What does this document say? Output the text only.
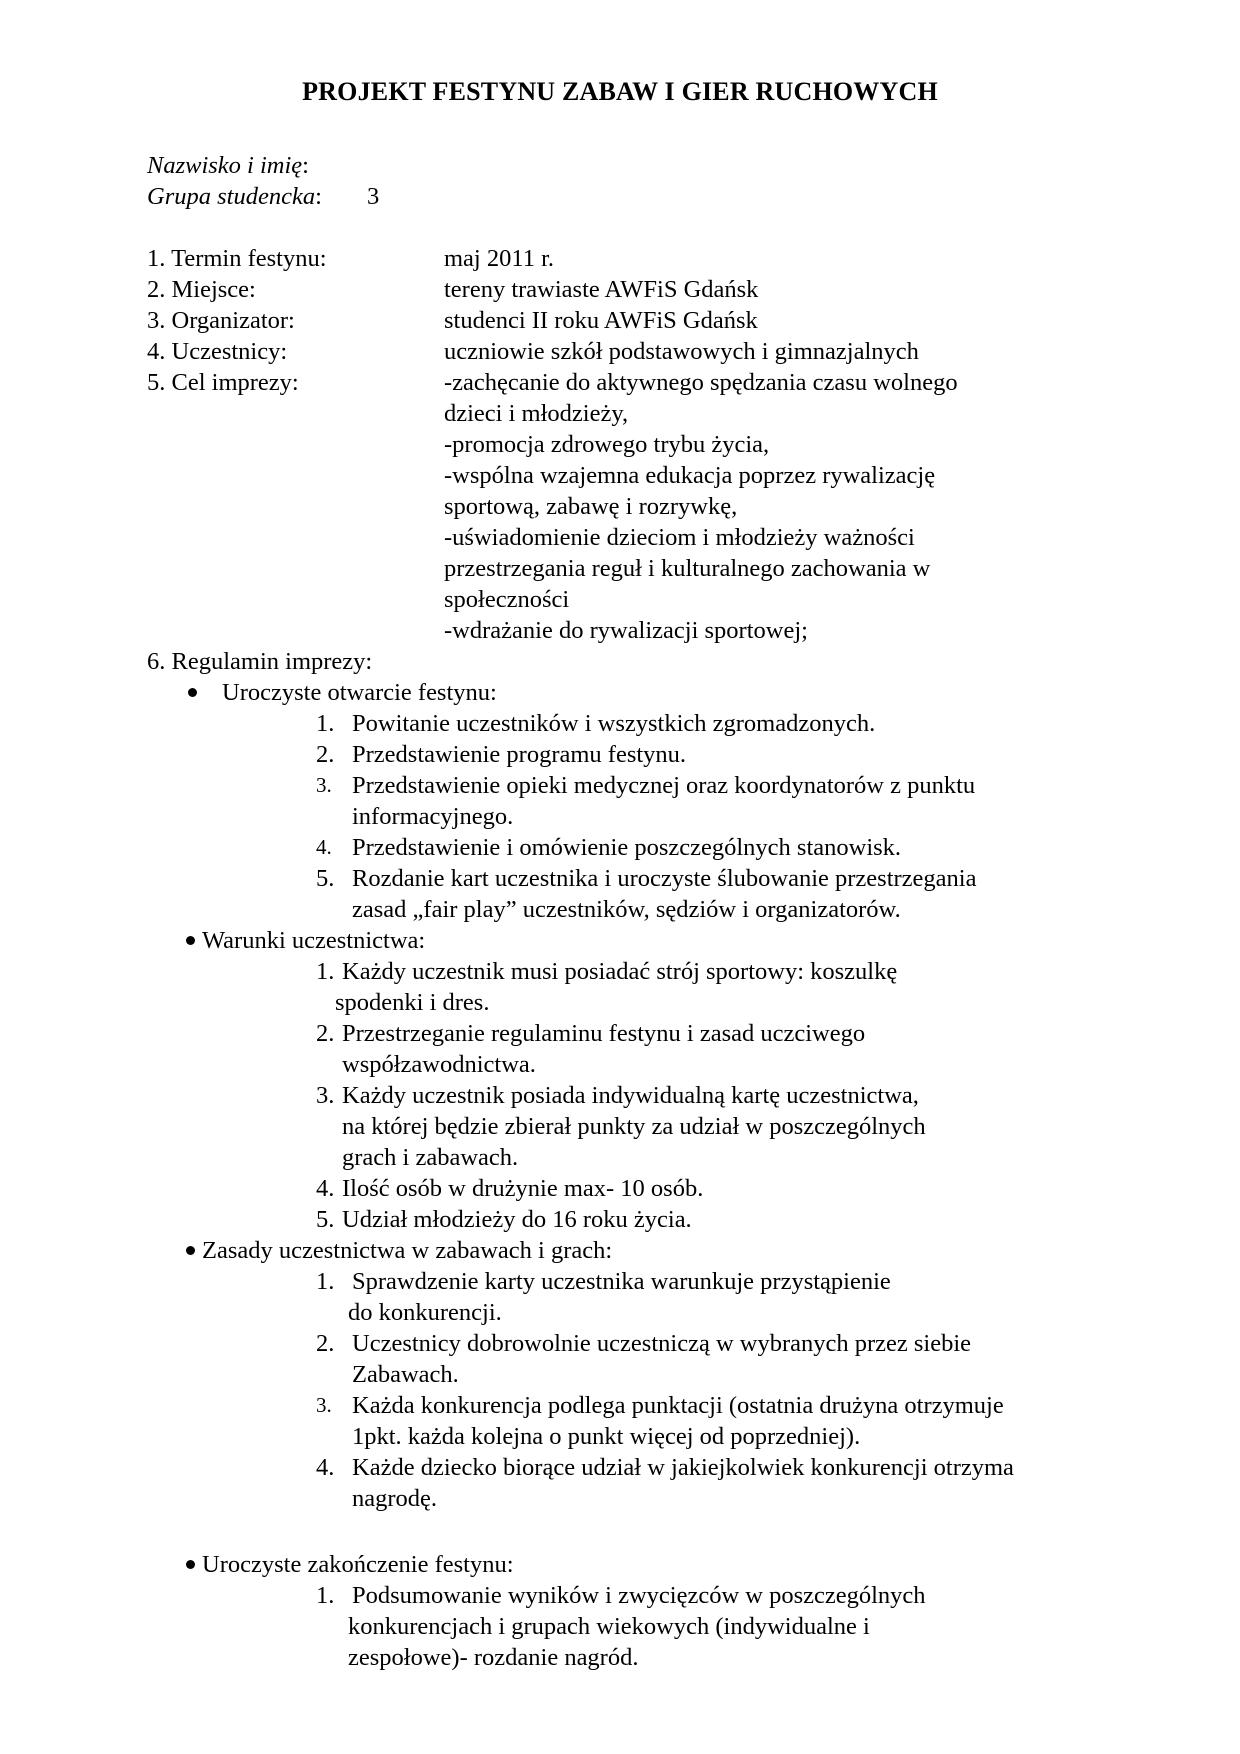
PROJEKT FESTYNU ZABAW I GIER RUCHOWYCH
Nazwisko i imię:
Grupa studencka: 3
1. Termin festynu:	maj 2011 r.
2. Miejsce:	tereny trawiaste AWFiS Gdańsk
3. Organizator:	studenci II roku AWFiS Gdańsk
4. Uczestnicy:	uczniowie szkół podstawowych i gimnazjalnych
5. Cel imprezy:	-zachęcanie do aktywnego spędzania czasu wolnego
dzieci i młodzieży,
-promocja zdrowego trybu życia,
-wspólna wzajemna edukacja poprzez rywalizację
sportową, zabawę i rozrywkę,
-uświadomienie dzieciom i młodzieży ważności
przestrzegania reguł i kulturalnego zachowania w
społeczności
-wdrażanie do rywalizacji sportowej;
6. Regulamin imprezy:
Uroczyste otwarcie festynu:
1. Powitanie uczestników i wszystkich zgromadzonych.
2. Przedstawienie programu festynu.
3. Przedstawienie opieki medycznej oraz koordynatorów z punktu
informacyjnego.
4. Przedstawienie i omówienie poszczególnych stanowisk.
5. Rozdanie kart uczestnika i uroczyste ślubowanie przestrzegania
zasad „fair play” uczestników, sędziów i organizatorów.
Warunki uczestnictwa:
1. Każdy uczestnik musi posiadać strój sportowy: koszulkę
spodenki i dres.
2. Przestrzeganie regulaminu festynu i zasad uczciwego
współzawodnictwa.
3. Każdy uczestnik posiada indywidualną kartę uczestnictwa,
na której będzie zbierał punkty za udział w poszczególnych
grach i zabawach.
4. Ilość osób w drużynie max- 10 osób.
5. Udział młodzieży do 16 roku życia.
Zasady uczestnictwa w zabawach i grach:
1. Sprawdzenie karty uczestnika warunkuje przystąpienie
do konkurencji.
2. Uczestnicy dobrowolnie uczestniczą w wybranych przez siebie
Zabawach.
3. Każda konkurencja podlega punktacji (ostatnia drużyna otrzymuje
1pkt. każda kolejna o punkt więcej od poprzedniej).
4. Każde dziecko biorące udział w jakiejkolwiek konkurencji otrzyma
nagrodę.
Uroczyste zakończenie festynu:
1. Podsumowanie wyników i zwycięzców w poszczególnych
konkurencjach i grupach wiekowych (indywidualne i
zespołowe)- rozdanie nagród.
